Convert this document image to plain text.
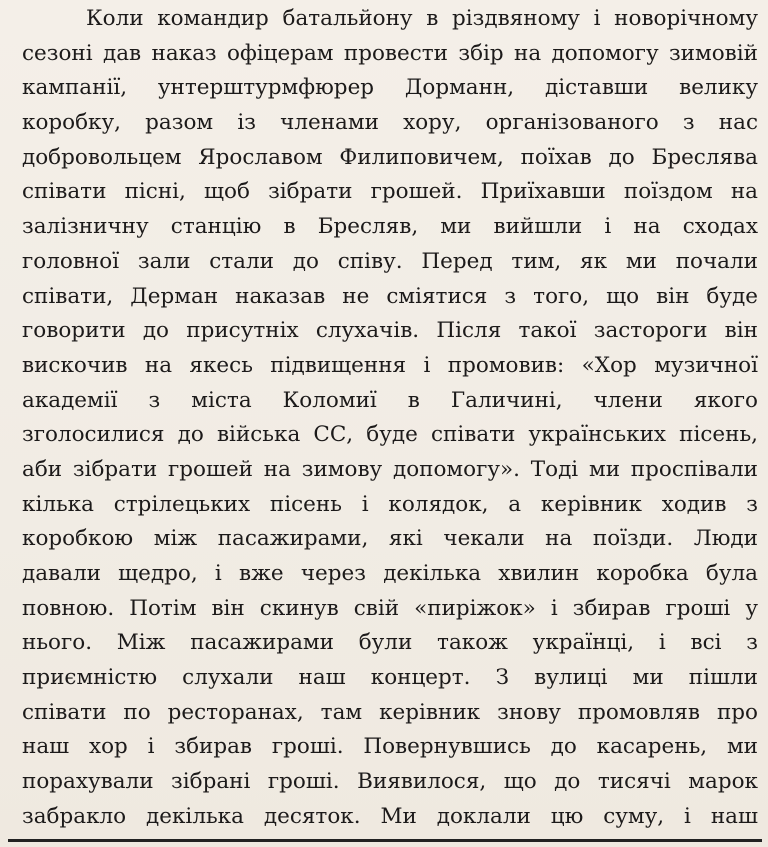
Коли командир батальйону в різдвяному і новорічному
сезоні дав наказ офіцерам провести збір на допомогу зимовій
кампанії, унтерштурмфюрер Дорманн, діставши велику
коробку, разом із членами хору, організованого з нас
добровольцем Ярославом Филиповичем, поїхав до Бреслява
співати пісні, щоб зібрати грошей. Приїхавши поїздом на
залізничну станцію в Бресляв, ми вийшли і на сходах
головної зали стали до співу. Перед тим, як ми почали
співати, Дерман наказав не сміятися з того, що він буде
говорити до присутніх слухачів. Після такої застороги він
вискочив на якесь підвищення і промовив: «Хор музичної
академії з міста Коломиї в Галичині, члени якого
зголосилися до війська СС, буде співати українських пісень,
аби зібрати грошей на зимову допомогу». Тоді ми проспівали
кілька стрілецьких пісень і колядок, а керівник ходив з
коробкою між пасажирами, які чекали на поїзди. Люди
давали щедро, і вже через декілька хвилин коробка була
повною. Потім він скинув свій «пиріжок» і збирав гроші у
нього. Між пасажирами були також українці, і всі з
приємністю слухали наш концерт. З вулиці ми пішли
співати по ресторанах, там керівник знову промовляв про
наш хор і збирав гроші. Повернувшись до касарень, ми
порахували зібрані гроші. Виявилося, що до тисячі марок
забракло декілька десяток. Ми доклали цю суму, і наш
